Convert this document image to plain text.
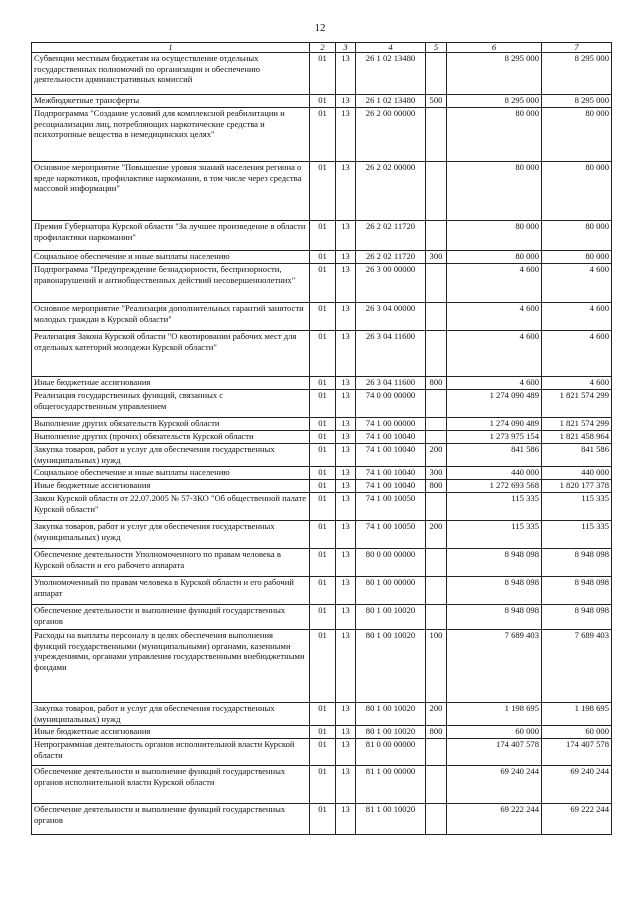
12
1	2	3	4	5	6	7
Субвенции местным бюджетам на осуществление отдельных государственных полномочий по организации и обеспечению деятельности административных комиссий	01	13	26 1 02 13480		8 295 000	8 295 000
Межбюджетные трансферты	01	13	26 1 02 13480	500	8 295 000	8 295 000
Подпрограмма "Создание условий для комплексной реабилитации и ресоциализации лиц, потребляющих наркотические средства и психотропные вещества в немедицинских целях"	01	13	26 2 00 00000		80 000	80 000
Основное мероприятие "Повышение уровня знаний населения региона о вреде наркотиков, профилактике наркомании, в том числе через средства массовой информации"	01	13	26 2 02 00000		80 000	80 000
Премия Губернатора Курской области "За лучшее произведение в области профилактики наркомании"	01	13	26 2 02 11720		80 000	80 000
Социальное обеспечение и иные выплаты населению	01	13	26 2 02 11720	300	80 000	80 000
Подпрограмма "Предупреждение безнадзорности, беспризорности, правонарушений и антиобщественных действий несовершеннолетних"	01	13	26 3 00 00000		4 600	4 600
Основное мероприятие "Реализация дополнительных гарантий занятости молодых граждан в Курской области"	01	13	26 3 04 00000		4 600	4 600
Реализация Закона Курской области "О квотировании рабочих мест для отдельных категорий молодежи Курской области"	01	13	26 3 04 11600		4 600	4 600
Иные бюджетные ассигнования	01	13	26 3 04 11600	800	4 600	4 600
Реализация государственных функций, связанных с общегосударственным управлением	01	13	74 0 00 00000		1 274 090 489	1 821 574 299
Выполнение других обязательств Курской области	01	13	74 1 00 00000		1 274 090 489	1 821 574 299
Выполнение других (прочих) обязательств Курской области	01	13	74 1 00 10040		1 273 975 154	1 821 458 964
Закупка товаров, работ и услуг для обеспечения государственных (муниципальных) нужд	01	13	74 1 00 10040	200	841 586	841 586
Социальное обеспечение и иные выплаты населению	01	13	74 1 00 10040	300	440 000	440 000
Иные бюджетные ассигнования	01	13	74 1 00 10040	800	1 272 693 568	1 820 177 378
Закон Курской области от 22.07.2005 № 57-ЗКО "Об общественной палате Курской области"	01	13	74 1 00 10050		115 335	115 335
Закупка товаров, работ и услуг для обеспечения государственных (муниципальных) нужд	01	13	74 1 00 10050	200	115 335	115 335
Обеспечение деятельности Уполномоченного по правам человека в Курской области и его рабочего аппарата	01	13	80 0 00 00000		8 948 098	8 948 098
Уполномоченный по правам человека в Курской области и его рабочий аппарат	01	13	80 1 00 00000		8 948 098	8 948 098
Обеспечение деятельности и выполнение функций государственных органов	01	13	80 1 00 10020		8 948 098	8 948 098
Расходы на выплаты персоналу в целях обеспечения выполнения функций государственными (муниципальными) органами, казенными учреждениями, органами управления государственными внебюджетными фондами	01	13	80 1 00 10020	100	7 689 403	7 689 403
Закупка товаров, работ и услуг для обеспечения государственных (муниципальных) нужд	01	13	80 1 00 10020	200	1 198 695	1 198 695
Иные бюджетные ассигнования	01	13	80 1 00 10020	800	60 000	60 000
Непрограммная деятельность органов исполнительной власти Курской области	01	13	81 0 00 00000		174 407 578	174 407 578
Обеспечение деятельности и выполнение функций государственных органов исполнительной власти Курской области	01	13	81 1 00 00000		69 240 244	69 240 244
Обеспечение деятельности и выполнение функций государственных органов	01	13	81 1 00 10020		69 222 244	69 222 244
